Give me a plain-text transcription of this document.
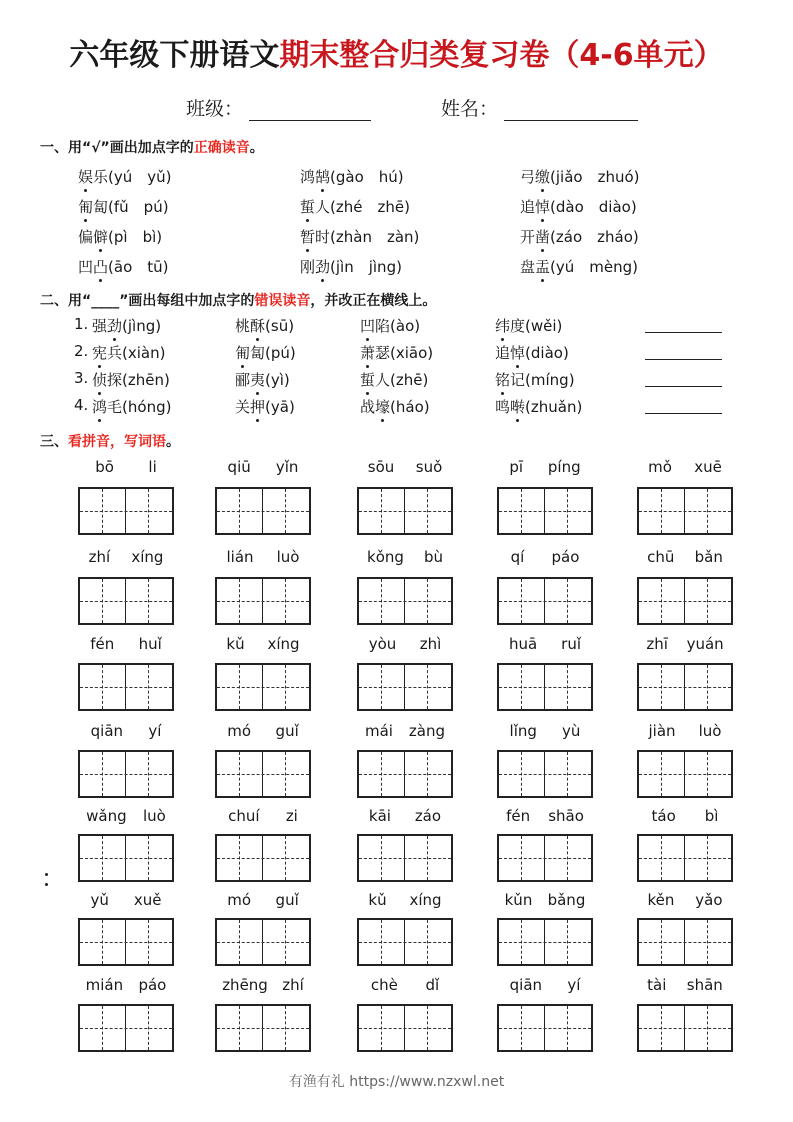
六年级下册语文期末整合归类复习卷（4-6单元）
班级：	姓名：
一、用“√”画出加点字的正确读音。
娱乐(yú　yǔ)	鸿鹄(gào　hú)	弓缴(jiǎo　zhuó)
匍匐(fǔ　pú)	蜇人(zhé　zhē)	追悼(dào　diào)
偏僻(pì　bì)	暂时(zhàn　zàn)	开凿(záo　zháo)
凹凸(āo　tū)	刚劲(jìn　jìng)	盘盂(yú　mèng)
二、用“____”画出每组中加点字的错误读音，并改正在横线上。
1. 强劲(jìng)	桃酥(sū)	凹陷(ào)	纬度(wěi)
2. 宪兵(xiàn)	匍匐(pú)	萧瑟(xiāo)	追悼(diào)
3. 侦探(zhēn)	郦夷(yì)	蜇人(zhē)	铭记(míng)
4. 鸿毛(hóng)	关押(yā)	战壕(háo)	鸣啭(zhuǎn)
三、看拼音，写词语。
bō li	qiū yǐn	sōu suǒ	pī píng	mǒ xuē
zhí xíng	lián luò	kǒng bù	qí páo	chū bǎn
fén huǐ	kǔ xíng	yòu zhì	huā ruǐ	zhī yuán
qiān yí	mó guǐ	mái zàng	lǐng yù	jiàn luò
wǎng luò	chuí zi	kāi záo	fén shāo	táo bì
yǔ xuě	mó guǐ	kǔ xíng	kǔn bǎng	kěn yǎo
mián páo	zhēng zhí	chè dǐ	qiān yí	tài shān
有渔有礼 https://www.nzxwl.net
